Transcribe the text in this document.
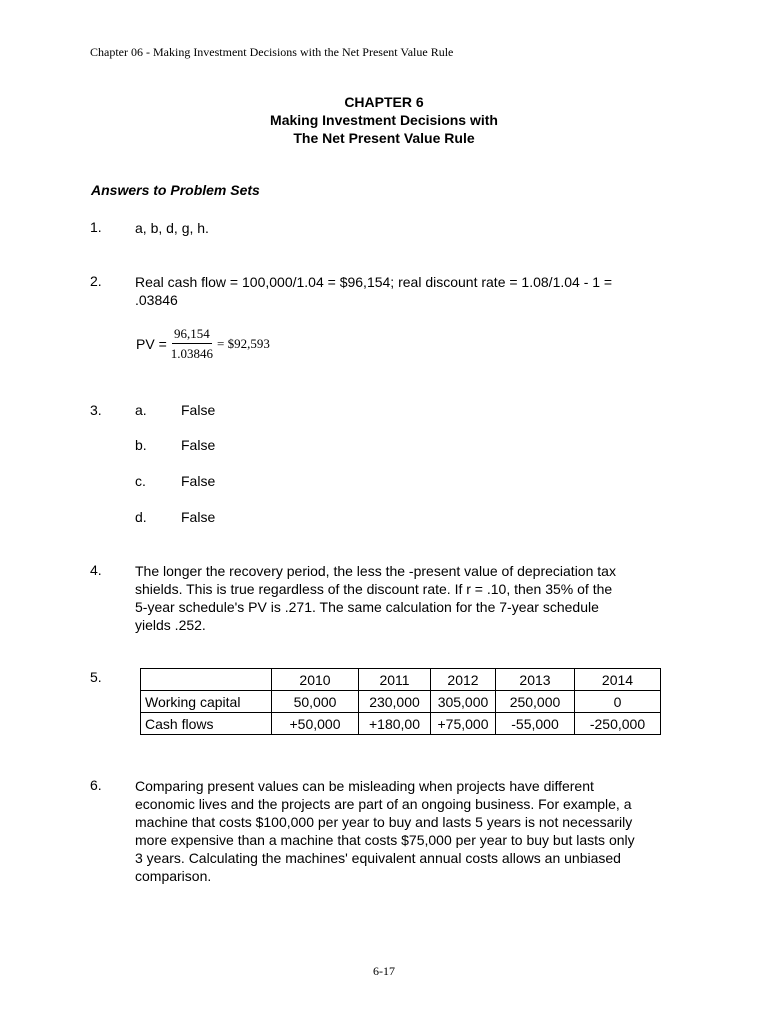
Chapter 06 - Making Investment Decisions with the Net Present Value Rule
CHAPTER 6
Making Investment Decisions with
The Net Present Value Rule
Answers to Problem Sets
1. a, b, d, g, h.
2. Real cash flow = 100,000/1.04 = $96,154; real discount rate = 1.08/1.04 - 1 =
.03846
PV = $\frac{96,154}{1.03846}$ = $92,593
3. a. False
b. False
c.	False
d. False
4. The longer the recovery period, the less the -present value of depreciation tax
shields. This is true regardless of the discount rate. If r = .10, then 35% of the
5-year schedule's PV is .271. The same calculation for the 7-year schedule
yields .252.
5.
		2010	2011	2012	2013	2014
Working capital	50,000	230,000	305,000	250,000	0
Cash flows	+50,000	+180,00	+75,000	-55,000	-250,000
6. Comparing present values can be misleading when projects have different
economic lives and the projects are part of an ongoing business. For example, a
machine that costs $100,000 per year to buy and lasts 5 years is not necessarily
more expensive than a machine that costs $75,000 per year to buy but lasts only
3 years. Calculating the machines' equivalent annual costs allows an unbiased
comparison.
6-17
